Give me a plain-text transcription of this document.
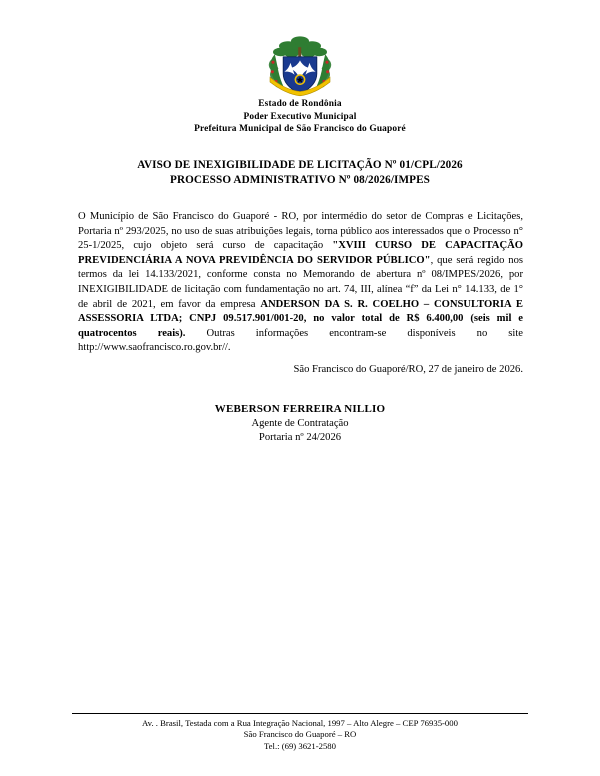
Estado de Rondônia
Poder Executivo Municipal
Prefeitura Municipal de São Francisco do Guaporé
AVISO DE INEXIGIBILIDADE DE LICITAÇÃO Nº 01/CPL/2026
PROCESSO ADMINISTRATIVO Nº 08/2026/IMPES

O Município de São Francisco do Guaporé - RO, por intermédio do setor de Compras e Licitações, Portaria nº 293/2025, no uso de suas atribuições legais, torna público aos interessados que o Processo n° 25-1/2025, cujo objeto será curso de capacitação "XVIII CURSO DE CAPACITAÇÃO PREVIDENCIÁRIA A NOVA PREVIDÊNCIA DO SERVIDOR PÚBLICO", que será regido nos termos da lei 14.133/2021, conforme consta no Memorando de abertura nº 08/IMPES/2026, por INEXIGIBILIDADE de licitação com fundamentação no art. 74, III, alínea “f” da Lei n° 14.133, de 1° de abril de 2021, em favor da empresa ANDERSON DA S. R. COELHO – CONSULTORIA E ASSESSORIA LTDA; CNPJ 09.517.901/001-20, no valor total de R$ 6.400,00 (seis mil e quatrocentos reais). Outras informações encontram-se disponíveis no site http://www.saofrancisco.ro.gov.br//.

São Francisco do Guaporé/RO, 27 de janeiro de 2026.
WEBERSON FERREIRA NILLIO
Agente de Contratação
Portaria nº 24/2026
Av. . Brasil, Testada com a Rua Integração Nacional, 1997 – Alto Alegre – CEP 76935-000
São Francisco do Guaporé – RO
Tel.: (69) 3621-2580
